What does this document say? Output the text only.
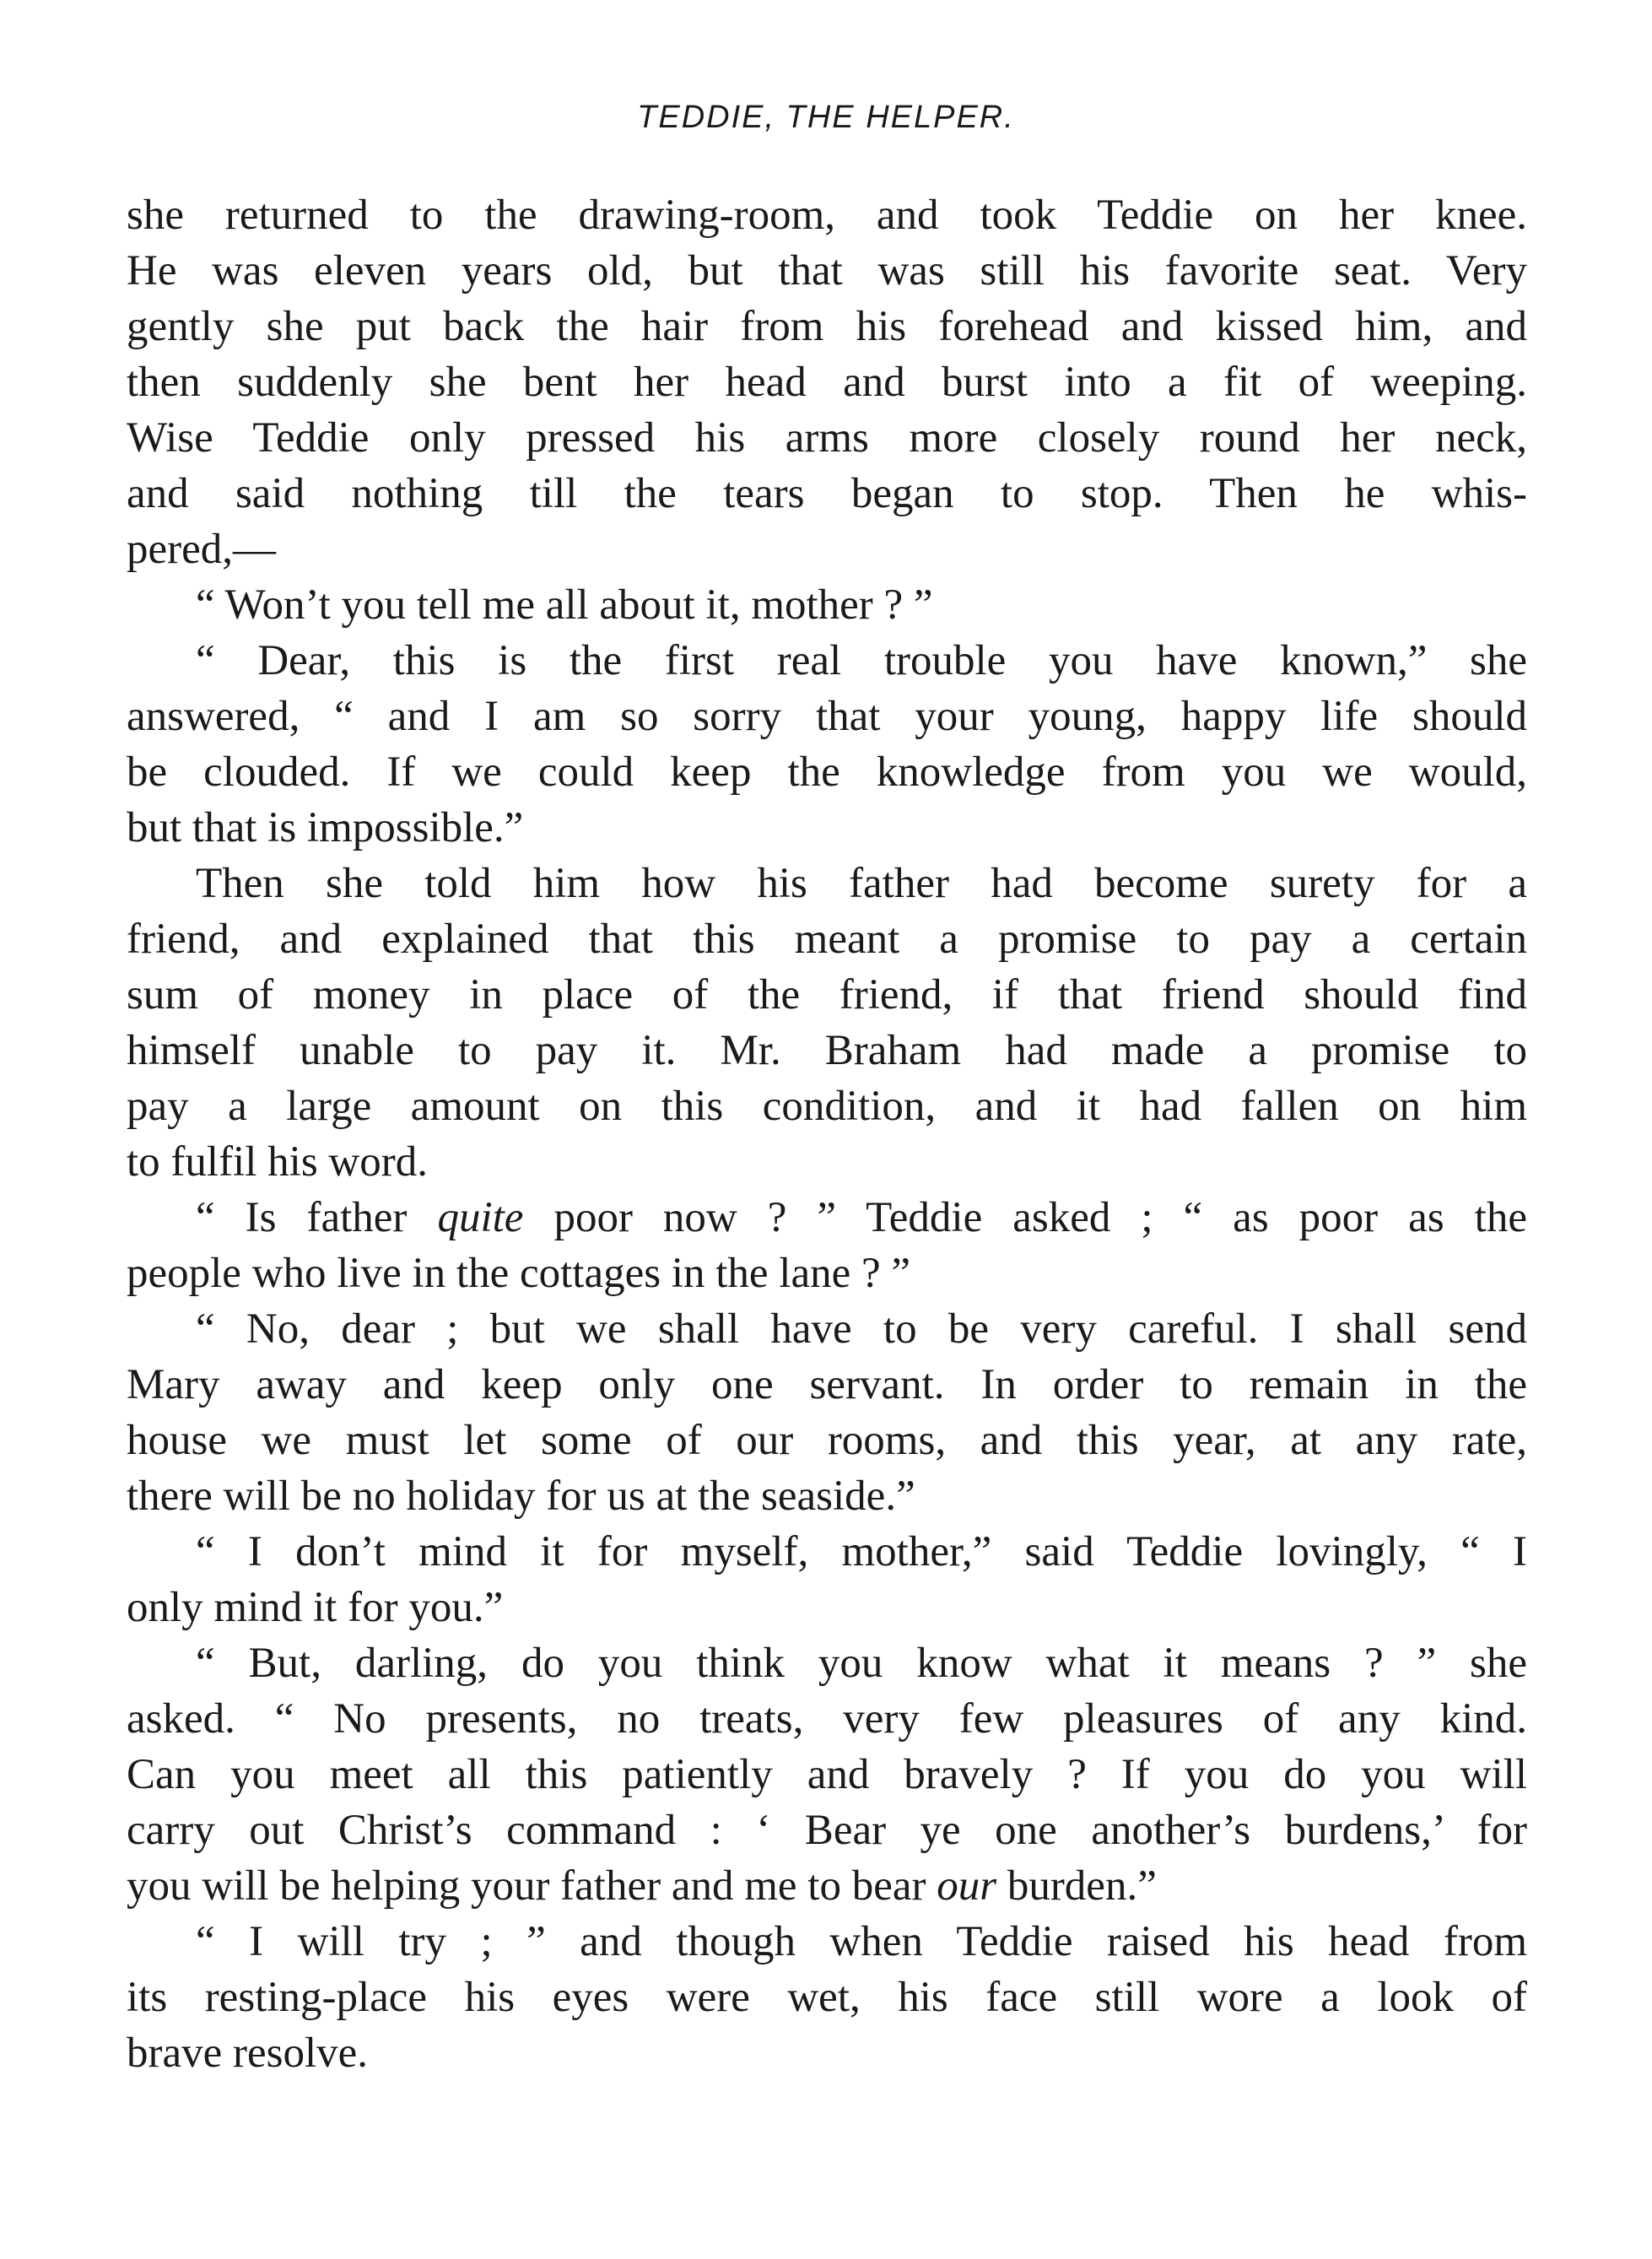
TEDDIE, THE HELPER.
she returned to the drawing-room, and took Teddie on her knee.
He was eleven years old, but that was still his favorite seat. Very
gently she put back the hair from his forehead and kissed him, and
then suddenly she bent her head and burst into a fit of weeping.
Wise Teddie only pressed his arms more closely round her neck,
and said nothing till the tears began to stop. Then he whis-
pered,—
“ Won’t you tell me all about it, mother ? ”
“ Dear, this is the first real trouble you have known,” she
answered, “ and I am so sorry that your young, happy life should
be clouded. If we could keep the knowledge from you we would,
but that is impossible.”
Then she told him how his father had become surety for a
friend, and explained that this meant a promise to pay a certain
sum of money in place of the friend, if that friend should find
himself unable to pay it. Mr. Braham had made a promise to
pay a large amount on this condition, and it had fallen on him
to fulfil his word.
“ Is father quite poor now ? ” Teddie asked ; “ as poor as the
people who live in the cottages in the lane ? ”
“ No, dear ; but we shall have to be very careful. I shall send
Mary away and keep only one servant. In order to remain in the
house we must let some of our rooms, and this year, at any rate,
there will be no holiday for us at the seaside.”
“ I don’t mind it for myself, mother,” said Teddie lovingly, “ I
only mind it for you.”
“ But, darling, do you think you know what it means ? ” she
asked. “ No presents, no treats, very few pleasures of any kind.
Can you meet all this patiently and bravely ? If you do you will
carry out Christ’s command : ‘ Bear ye one another’s burdens,’ for
you will be helping your father and me to bear our burden.”
“ I will try ; ” and though when Teddie raised his head from
its resting-place his eyes were wet, his face still wore a look of
brave resolve.
